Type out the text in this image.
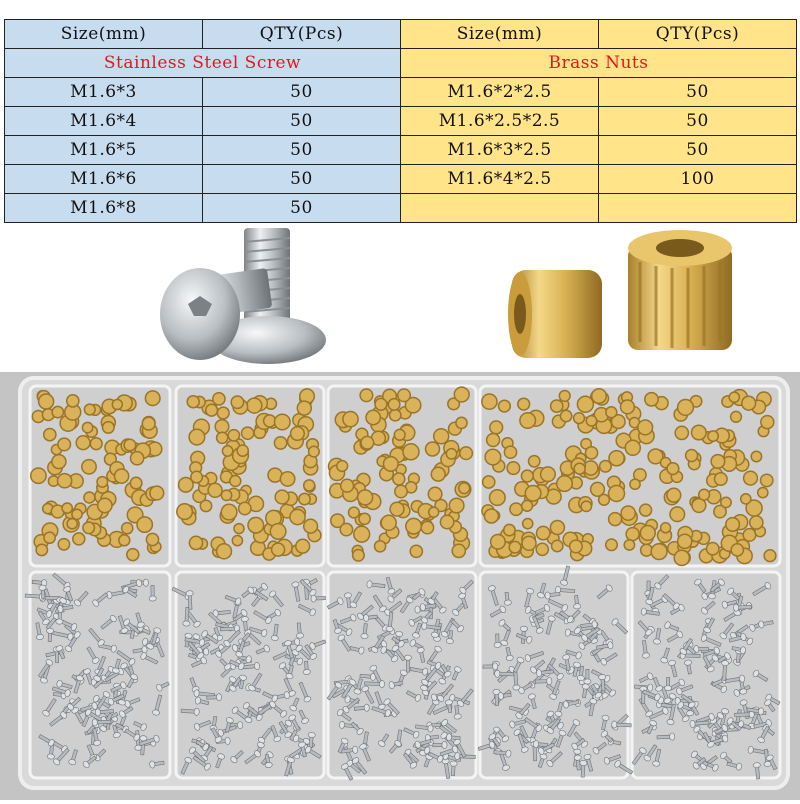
Size(mm)	QTY(Pcs)	Size(mm)	QTY(Pcs)
Stainless Steel Screw		Brass Nuts	
M1.6*3	50	M1.6*2*2.5	50
M1.6*4	50	M1.6*2.5*2.5	50
M1.6*5	50	M1.6*3*2.5	50
M1.6*6	50	M1.6*4*2.5	100
M1.6*8	50		
